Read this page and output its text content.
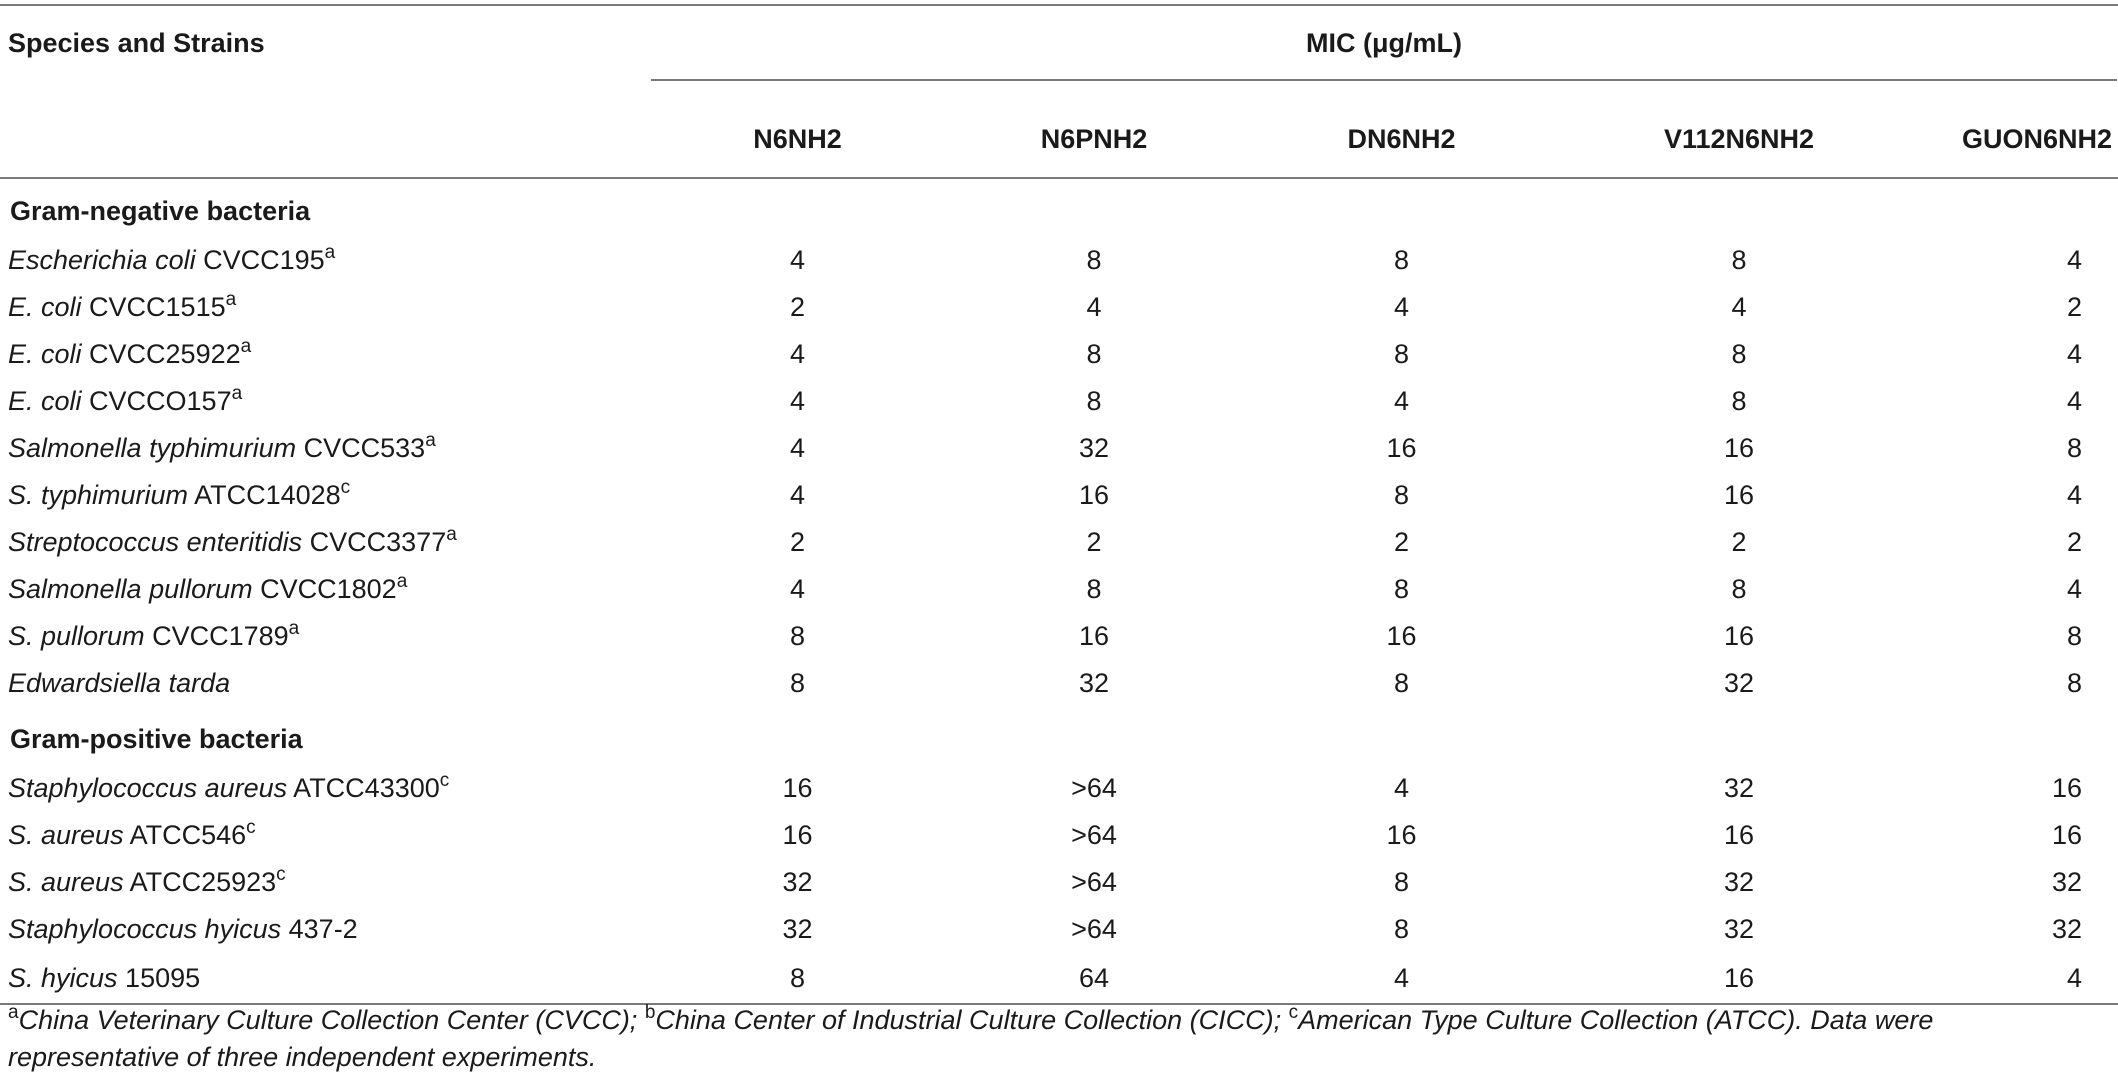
Species and Strains	MIC (μg/mL)				

	N6NH2	N6PNH2	DN6NH2	V112N6NH2	GUON6NH2
Gram-negative bacteria					
Escherichia coli CVCC195$^a$	4	8	8	8	4
E. coli CVCC1515$^a$	2	4	4	4	2
E. coli CVCC25922$^a$	4	8	8	8	4
E. coli CVCCO157$^a$	4	8	4	8	4
Salmonella typhimurium CVCC533$^a$	4	32	16	16	8
S. typhimurium ATCC14028$^c$	4	16	8	16	4
Streptococcus enteritidis CVCC3377$^a$	2	2	2	2	2
Salmonella pullorum CVCC1802$^a$	4	8	8	8	4
S. pullorum CVCC1789$^a$	8	16	16	16	8
Edwardsiella tarda	8	32	8	32	8
Gram-positive bacteria					
Staphylococcus aureus ATCC43300$^c$	16	>64	4	32	16
S. aureus ATCC546$^c$	16	>64	16	16	16
S. aureus ATCC25923$^c$	32	>64	8	32	32
Staphylococcus hyicus 437-2	32	>64	8	32	32
S. hyicus 15095	8	64	4	16	4
$^a$China Veterinary Culture Collection Center (CVCC); $^b$China Center of Industrial Culture Collection (CICC); $^c$American Type Culture Collection (ATCC). Data were representative of three independent experiments.
